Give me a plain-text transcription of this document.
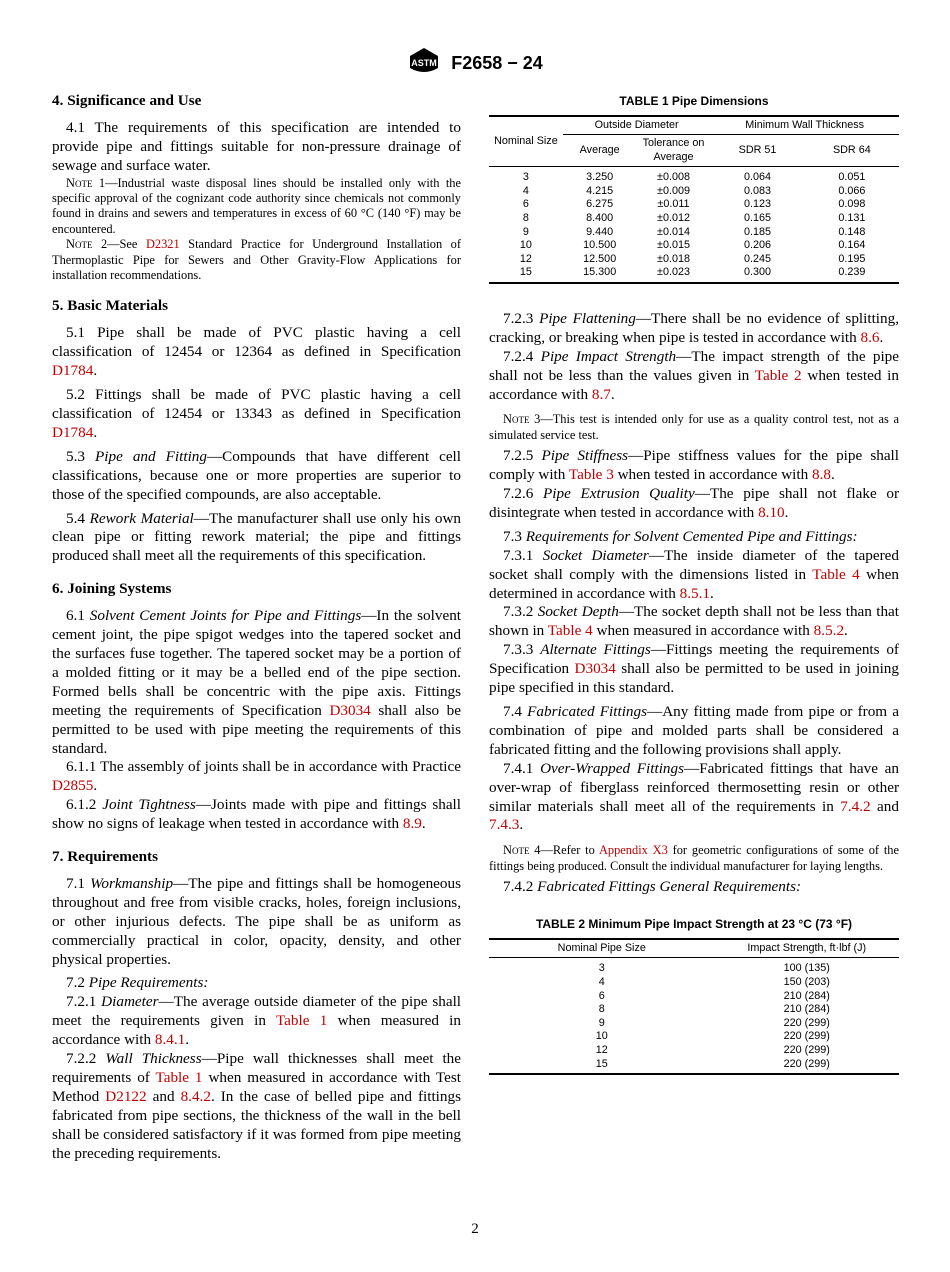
ASTM F2658 − 24

4. Significance and Use

4.1 The requirements of this specification are intended to provide pipe and fittings suitable for non-pressure drainage of sewage and surface water.

Note 1—Industrial waste disposal lines should be installed only with the specific approval of the cognizant code authority since chemicals not commonly found in drains and sewers and temperatures in excess of 60 °C (140 °F) may be encountered.

Note 2—See D2321 Standard Practice for Underground Installation of Thermoplastic Pipe for Sewers and Other Gravity-Flow Applications for installation recommendations.

5. Basic Materials

5.1 Pipe shall be made of PVC plastic having a cell classification of 12454 or 12364 as defined in Specification D1784.

5.2 Fittings shall be made of PVC plastic having a cell classification of 12454 or 13343 as defined in Specification D1784.

5.3 Pipe and Fitting—Compounds that have different cell classifications, because one or more properties are superior to those of the specified compounds, are also acceptable.

5.4 Rework Material—The manufacturer shall use only his own clean pipe or fitting rework material; the pipe and fittings produced shall meet all the requirements of this specification.

6. Joining Systems

6.1 Solvent Cement Joints for Pipe and Fittings—In the solvent cement joint, the pipe spigot wedges into the tapered socket and the surfaces fuse together. The tapered socket may be a portion of a molded fitting or it may be a belled end of the pipe section. Formed bells shall be concentric with the pipe axis. Fittings meeting the requirements of Specification D3034 shall also be permitted to be used with pipe meeting the requirements of this standard.

6.1.1 The assembly of joints shall be in accordance with Practice D2855.

6.1.2 Joint Tightness—Joints made with pipe and fittings shall show no signs of leakage when tested in accordance with 8.9.

7. Requirements

7.1 Workmanship—The pipe and fittings shall be homogeneous throughout and free from visible cracks, holes, foreign inclusions, or other injurious defects. The pipe shall be as uniform as commercially practical in color, opacity, density, and other physical properties.

7.2 Pipe Requirements:

7.2.1 Diameter—The average outside diameter of the pipe shall meet the requirements given in Table 1 when measured in accordance with 8.4.1.

7.2.2 Wall Thickness—Pipe wall thicknesses shall meet the requirements of Table 1 when measured in accordance with Test Method D2122 and 8.4.2. In the case of belled pipe and fittings fabricated from pipe sections, the thickness of the wall in the bell shall be considered satisfactory if it was formed from pipe meeting the preceding requirements.

TABLE 1 Pipe Dimensions

Nominal Size	Outside Diameter		Minimum Wall Thickness	
	Average	Tolerance on Average	SDR 51	SDR 64
3	3.250	±0.008	0.064	0.051
4	4.215	±0.009	0.083	0.066
6	6.275	±0.011	0.123	0.098
8	8.400	±0.012	0.165	0.131
9	9.440	±0.014	0.185	0.148
10	10.500	±0.015	0.206	0.164
12	12.500	±0.018	0.245	0.195
15	15.300	±0.023	0.300	0.239

7.2.3 Pipe Flattening—There shall be no evidence of splitting, cracking, or breaking when pipe is tested in accordance with 8.6.

7.2.4 Pipe Impact Strength—The impact strength of the pipe shall not be less than the values given in Table 2 when tested in accordance with 8.7.

Note 3—This test is intended only for use as a quality control test, not as a simulated service test.

7.2.5 Pipe Stiffness—Pipe stiffness values for the pipe shall comply with Table 3 when tested in accordance with 8.8.

7.2.6 Pipe Extrusion Quality—The pipe shall not flake or disintegrate when tested in accordance with 8.10.

7.3 Requirements for Solvent Cemented Pipe and Fittings:

7.3.1 Socket Diameter—The inside diameter of the tapered socket shall comply with the dimensions listed in Table 4 when determined in accordance with 8.5.1.

7.3.2 Socket Depth—The socket depth shall not be less than that shown in Table 4 when measured in accordance with 8.5.2.

7.3.3 Alternate Fittings—Fittings meeting the requirements of Specification D3034 shall also be permitted to be used in joining pipe specified in this standard.

7.4 Fabricated Fittings—Any fitting made from pipe or from a combination of pipe and molded parts shall be considered a fabricated fitting and the following provisions shall apply.

7.4.1 Over-Wrapped Fittings—Fabricated fittings that have an over-wrap of fiberglass reinforced thermosetting resin or other similar materials shall meet all of the requirements in 7.4.2 and 7.4.3.

Note 4—Refer to Appendix X3 for geometric configurations of some of the fittings being produced. Consult the individual manufacturer for laying lengths.

7.4.2 Fabricated Fittings General Requirements:

TABLE 2 Minimum Pipe Impact Strength at 23 °C (73 °F)

Nominal Pipe Size	Impact Strength, ft·lbf (J)
3	100 (135)
4	150 (203)
6	210 (284)
8	210 (284)
9	220 (299)
10	220 (299)
12	220 (299)
15	220 (299)
2
